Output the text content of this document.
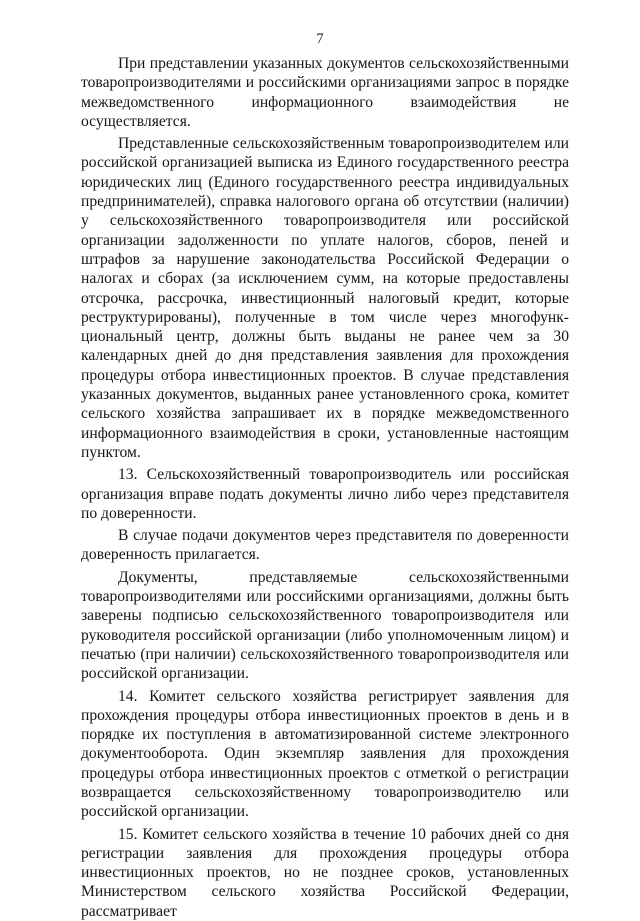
7

При представлении указанных документов сельскохозяйственными товаропроизводителями и российскими организациями запрос в порядке межведомственного информационного взаимодействия не осуществляется.

Представленные сельскохозяйственным товаропроизводителем или российской организацией выписка из Единого государственного реестра юридических лиц (Единого государственного реестра индивидуальных предпринимателей), справка налогового органа об отсутствии (наличии) у сельскохозяйственного товаропроизводителя или российской организации задолженности по уплате налогов, сборов, пеней и штрафов за нарушение законодательства Российской Федерации о налогах и сборах (за исключением сумм, на которые предоставлены отсрочка, рассрочка, инвестиционный налоговый кредит, которые реструктурированы), полученные в том числе через многофункциональный центр, должны быть выданы не ранее чем за 30 календарных дней до дня представления заявления для прохождения процедуры отбора инвестиционных проектов. В случае представления указанных документов, выданных ранее установленного срока, комитет сельского хозяйства запрашивает их в порядке межведомственного информационного взаимодействия в сроки, установленные настоящим пунктом.

13. Сельскохозяйственный товаропроизводитель или российская организация вправе подать документы лично либо через представителя по доверенности.

В случае подачи документов через представителя по доверенности доверенность прилагается.

Документы, представляемые сельскохозяйственными товаропроизводителями или российскими организациями, должны быть заверены подписью сельскохозяйственного товаропроизводителя или руководителя российской организации (либо уполномоченным лицом) и печатью (при наличии) сельскохозяйственного товаропроизводителя или российской организации.

14. Комитет сельского хозяйства регистрирует заявления для прохождения процедуры отбора инвестиционных проектов в день и в порядке их поступления в автоматизированной системе электронного документооборота. Один экземпляр заявления для прохождения процедуры отбора инвестиционных проектов с отметкой о регистрации возвращается сельскохозяйственному товаропроизводителю или российской организации.

15. Комитет сельского хозяйства в течение 10 рабочих дней со дня регистрации заявления для прохождения процедуры отбора инвестиционных проектов, но не позднее сроков, установленных Министерством сельского хозяйства Российской Федерации, рассматривает
